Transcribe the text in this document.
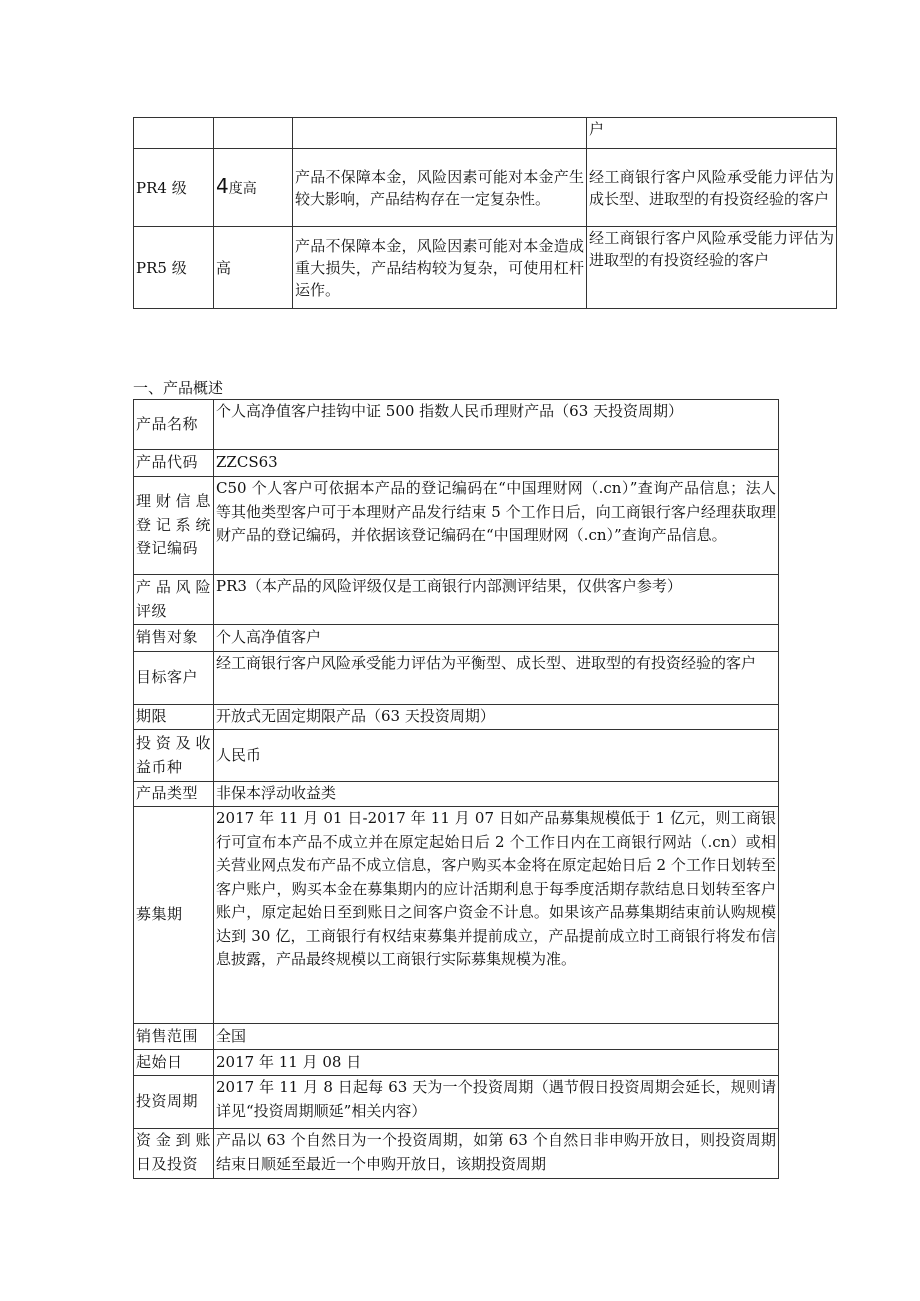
			户
PR4 级	4度高	产品不保障本金，风险因素可能对本金产生较大影响，产品结构存在一定复杂性。	经工商银行客户风险承受能力评估为成长型、进取型的有投资经验的客户
PR5 级	高	产品不保障本金，风险因素可能对本金造成重大损失，产品结构较为复杂，可使用杠杆运作。	经工商银行客户风险承受能力评估为进取型的有投资经验的客户

一、产品概述

产品名称	个人高净值客户挂钩中证 500 指数人民币理财产品（63 天投资周期）
产品代码	ZZCS63
理财信息登记系统登记编码	C50 个人客户可依据本产品的登记编码在“中国理财网（.cn）”查询产品信息；法人等其他类型客户可于本理财产品发行结束 5 个工作日后，向工商银行客户经理获取理财产品的登记编码，并依据该登记编码在“中国理财网（.cn）”查询产品信息。
产品风险评级	PR3（本产品的风险评级仅是工商银行内部测评结果，仅供客户参考）
销售对象	个人高净值客户
目标客户	经工商银行客户风险承受能力评估为平衡型、成长型、进取型的有投资经验的客户
期限	开放式无固定期限产品（63 天投资周期）
投资及收益币种	人民币
产品类型	非保本浮动收益类
募集期	2017 年 11 月 01 日-2017 年 11 月 07 日如产品募集规模低于 1 亿元，则工商银行可宣布本产品不成立并在原定起始日后 2 个工作日内在工商银行网站（.cn）或相关营业网点发布产品不成立信息，客户购买本金将在原定起始日后 2 个工作日划转至客户账户，购买本金在募集期内的应计活期利息于每季度活期存款结息日划转至客户账户，原定起始日至到账日之间客户资金不计息。如果该产品募集期结束前认购规模达到 30 亿，工商银行有权结束募集并提前成立，产品提前成立时工商银行将发布信息披露，产品最终规模以工商银行实际募集规模为准。
销售范围	全国
起始日	2017 年 11 月 08 日
投资周期	2017 年 11 月 8 日起每 63 天为一个投资周期（遇节假日投资周期会延长，规则请详见“投资周期顺延”相关内容）
资金到账日及投资	产品以 63 个自然日为一个投资周期，如第 63 个自然日非申购开放日，则投资周期结束日顺延至最近一个申购开放日，该期投资周期
